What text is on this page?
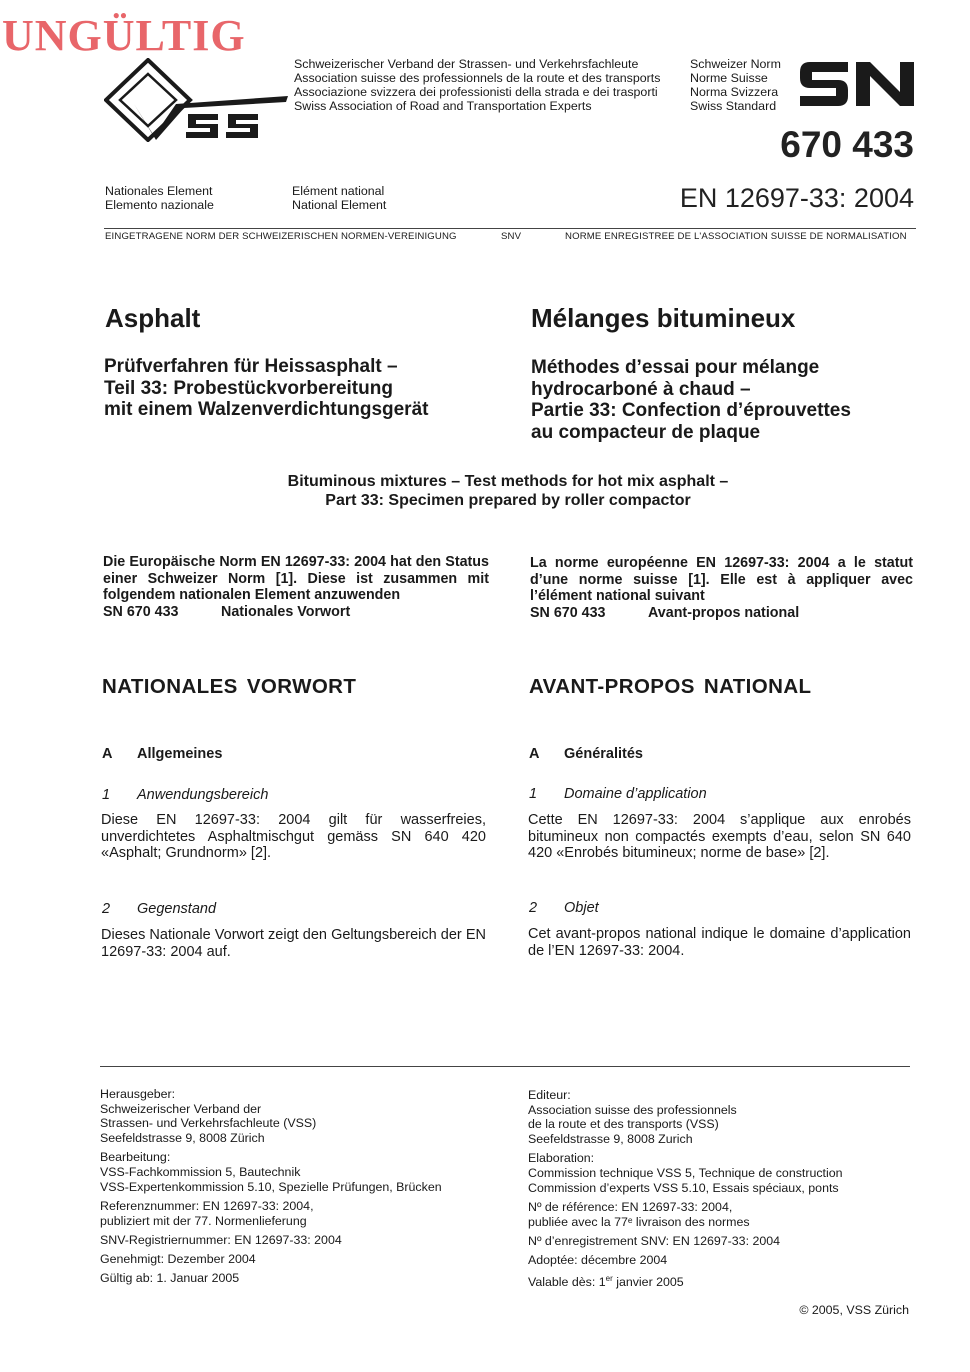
UNGÜLTIG
Schweizerischer Verband der Strassen- und Verkehrsfachleute
Association suisse des professionnels de la route et des transports
Associazione svizzera dei professionisti della strada e dei trasporti
Swiss Association of Road and Transportation Experts
Schweizer Norm
Norme Suisse
Norma Svizzera
Swiss Standard
670 433
Nationales Element
Elemento nazionale
Elément national
National Element	EN 12697-33: 2004
EINGETRAGENE NORM DER SCHWEIZERISCHEN NORMEN-VEREINIGUNG	SNV	NORME ENREGISTREE DE L'ASSOCIATION SUISSE DE NORMALISATION
Asphalt
Prüfverfahren für Heissasphalt –
Teil 33: Probestückvorbereitung
mit einem Walzenverdichtungsgerät
Mélanges bitumineux
Méthodes d’essai pour mélange
hydrocarboné à chaud –
Partie 33: Confection d’éprouvettes
au compacteur de plaque
Bituminous mixtures – Test methods for hot mix asphalt –
Part 33: Specimen prepared by roller compactor
Die Europäische Norm EN 12697-33: 2004 hat den Status einer Schweizer Norm [1]. Diese ist zusammen mit folgendem nationalen Element anzuwenden
SN 670 433	Nationales Vorwort
La norme européenne EN 12697-33: 2004 a le statut d’une norme suisse [1]. Elle est à appliquer avec l’élément national suivant
SN 670 433	Avant-propos national
NATIONALES VORWORT	AVANT-PROPOS NATIONAL
A Allgemeines	A Généralités
1 Anwendungsbereich
Diese EN 12697-33: 2004 gilt für wasserfreies, unverdichtetes Asphaltmischgut gemäss SN 640 420 «Asphalt; Grundnorm» [2].
1 Domaine d’application
Cette EN 12697-33: 2004 s’applique aux enrobés bitumineux non compactés exempts d’eau, selon SN 640 420 «Enrobés bitumineux; norme de base» [2].
2 Gegenstand
Dieses Nationale Vorwort zeigt den Geltungsbereich der EN 12697-33: 2004 auf.
2 Objet
Cet avant-propos national indique le domaine d’application de l’EN 12697-33: 2004.
Herausgeber:
Schweizerischer Verband der
Strassen- und Verkehrsfachleute (VSS)
Seefeldstrasse 9, 8008 Zürich
Bearbeitung:
VSS-Fachkommission 5, Bautechnik
VSS-Expertenkommission 5.10, Spezielle Prüfungen, Brücken
Referenznummer: EN 12697-33: 2004,
publiziert mit der 77. Normenlieferung
SNV-Registriernummer: EN 12697-33: 2004
Genehmigt: Dezember 2004
Gültig ab: 1. Januar 2005
Editeur:
Association suisse des professionnels
de la route et des transports (VSS)
Seefeldstrasse 9, 8008 Zurich
Elaboration:
Commission technique VSS 5, Technique de construction
Commission d’experts VSS 5.10, Essais spéciaux, ponts
Nº de référence: EN 12697-33: 2004,
publiée avec la 77ᵉ livraison des normes
Nº d’enregistrement SNV: EN 12697-33: 2004
Adoptée: décembre 2004
Valable dès: 1er janvier 2005
© 2005, VSS Zürich
